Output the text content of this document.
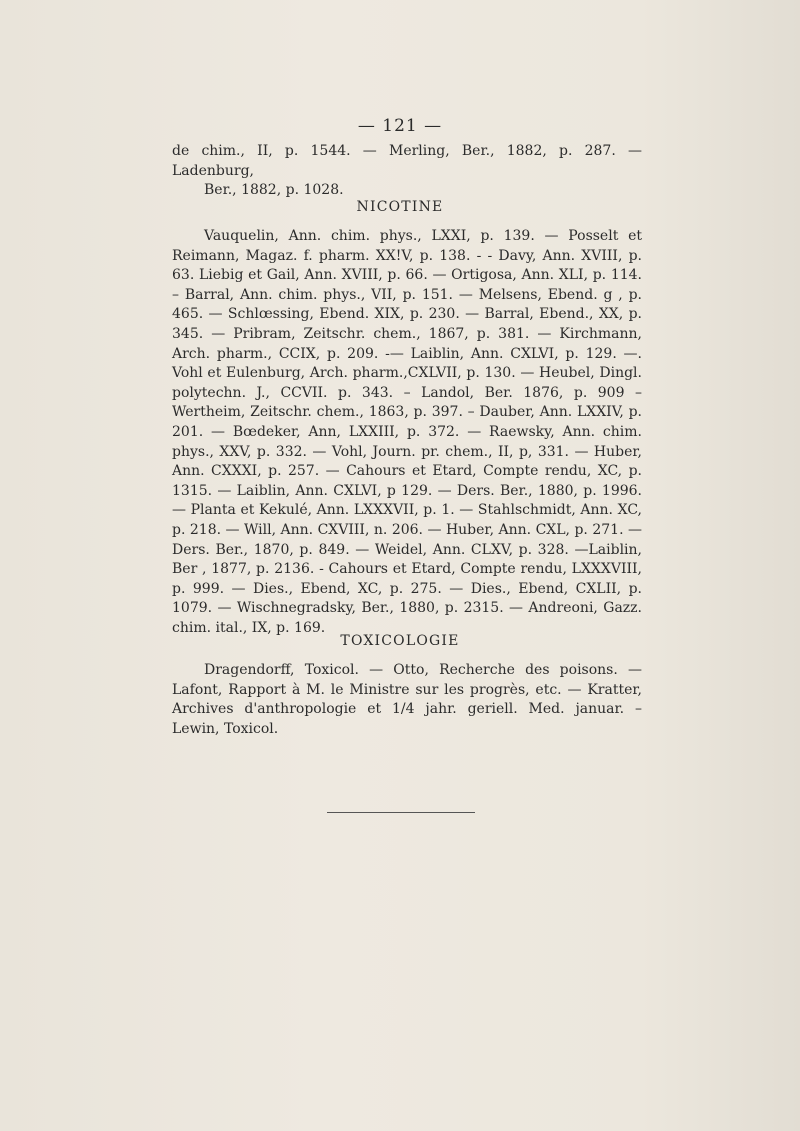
— 121 —

de chim., II, p. 1544. — Merling, Ber., 1882, p. 287. — Ladenburg,

Ber., 1882, p. 1028.

NICOTINE

Vauquelin, Ann. chim. phys., LXXI, p. 139. — Posselt et Reimann, Magaz. f. pharm. XX!V, p. 138. - - Davy, Ann. XVIII, p. 63. Liebig et Gail, Ann. XVIII, p. 66. — Ortigosa, Ann. XLI, p. 114. – Barral, Ann. chim. phys., VII, p. 151. — Melsens, Ebend. g , p. 465. — Schlœssing, Ebend. XIX, p. 230. — Barral, Ebend., XX, p. 345. — Pribram, Zeitschr. chem., 1867, p. 381. — Kirchmann, Arch. pharm., CCIX, p. 209. -— Laiblin, Ann. CXLVI, p. 129. —. Vohl et Eulenburg, Arch. pharm.,CXLVII, p. 130. — Heubel, Dingl. polytechn. J., CCVII. p. 343. – Landol, Ber. 1876, p. 909 – Wertheim, Zeitschr. chem., 1863, p. 397. – Dauber, Ann. LXXIV, p. 201. — Bœdeker, Ann, LXXIII, p. 372. — Raewsky, Ann. chim. phys., XXV, p. 332. — Vohl, Journ. pr. chem., II, p, 331. — Huber, Ann. CXXXI, p. 257. — Cahours et Etard, Compte rendu, XC, p. 1315. — Laiblin, Ann. CXLVI, p 129. — Ders. Ber., 1880, p. 1996. — Planta et Kekulé, Ann. LXXXVII, p. 1. — Stahlschmidt, Ann. XC, p. 218. — Will, Ann. CXVIII, n. 206. — Huber, Ann. CXL, p. 271. — Ders. Ber., 1870, p. 849. — Weidel, Ann. CLXV, p. 328. —Laiblin, Ber , 1877, p. 2136. - Cahours et Etard, Compte rendu, LXXXVIII, p. 999. — Dies., Ebend, XC, p. 275. — Dies., Ebend, CXLII, p. 1079. — Wischnegradsky, Ber., 1880, p. 2315. — Andreoni, Gazz. chim. ital., IX, p. 169.

TOXICOLOGIE

Dragendorff, Toxicol. — Otto, Recherche des poisons. — Lafont, Rapport à M. le Ministre sur les progrès, etc. — Kratter, Archives d'anthropologie et 1/4 jahr. geriell. Med. januar. – Lewin, Toxicol.
